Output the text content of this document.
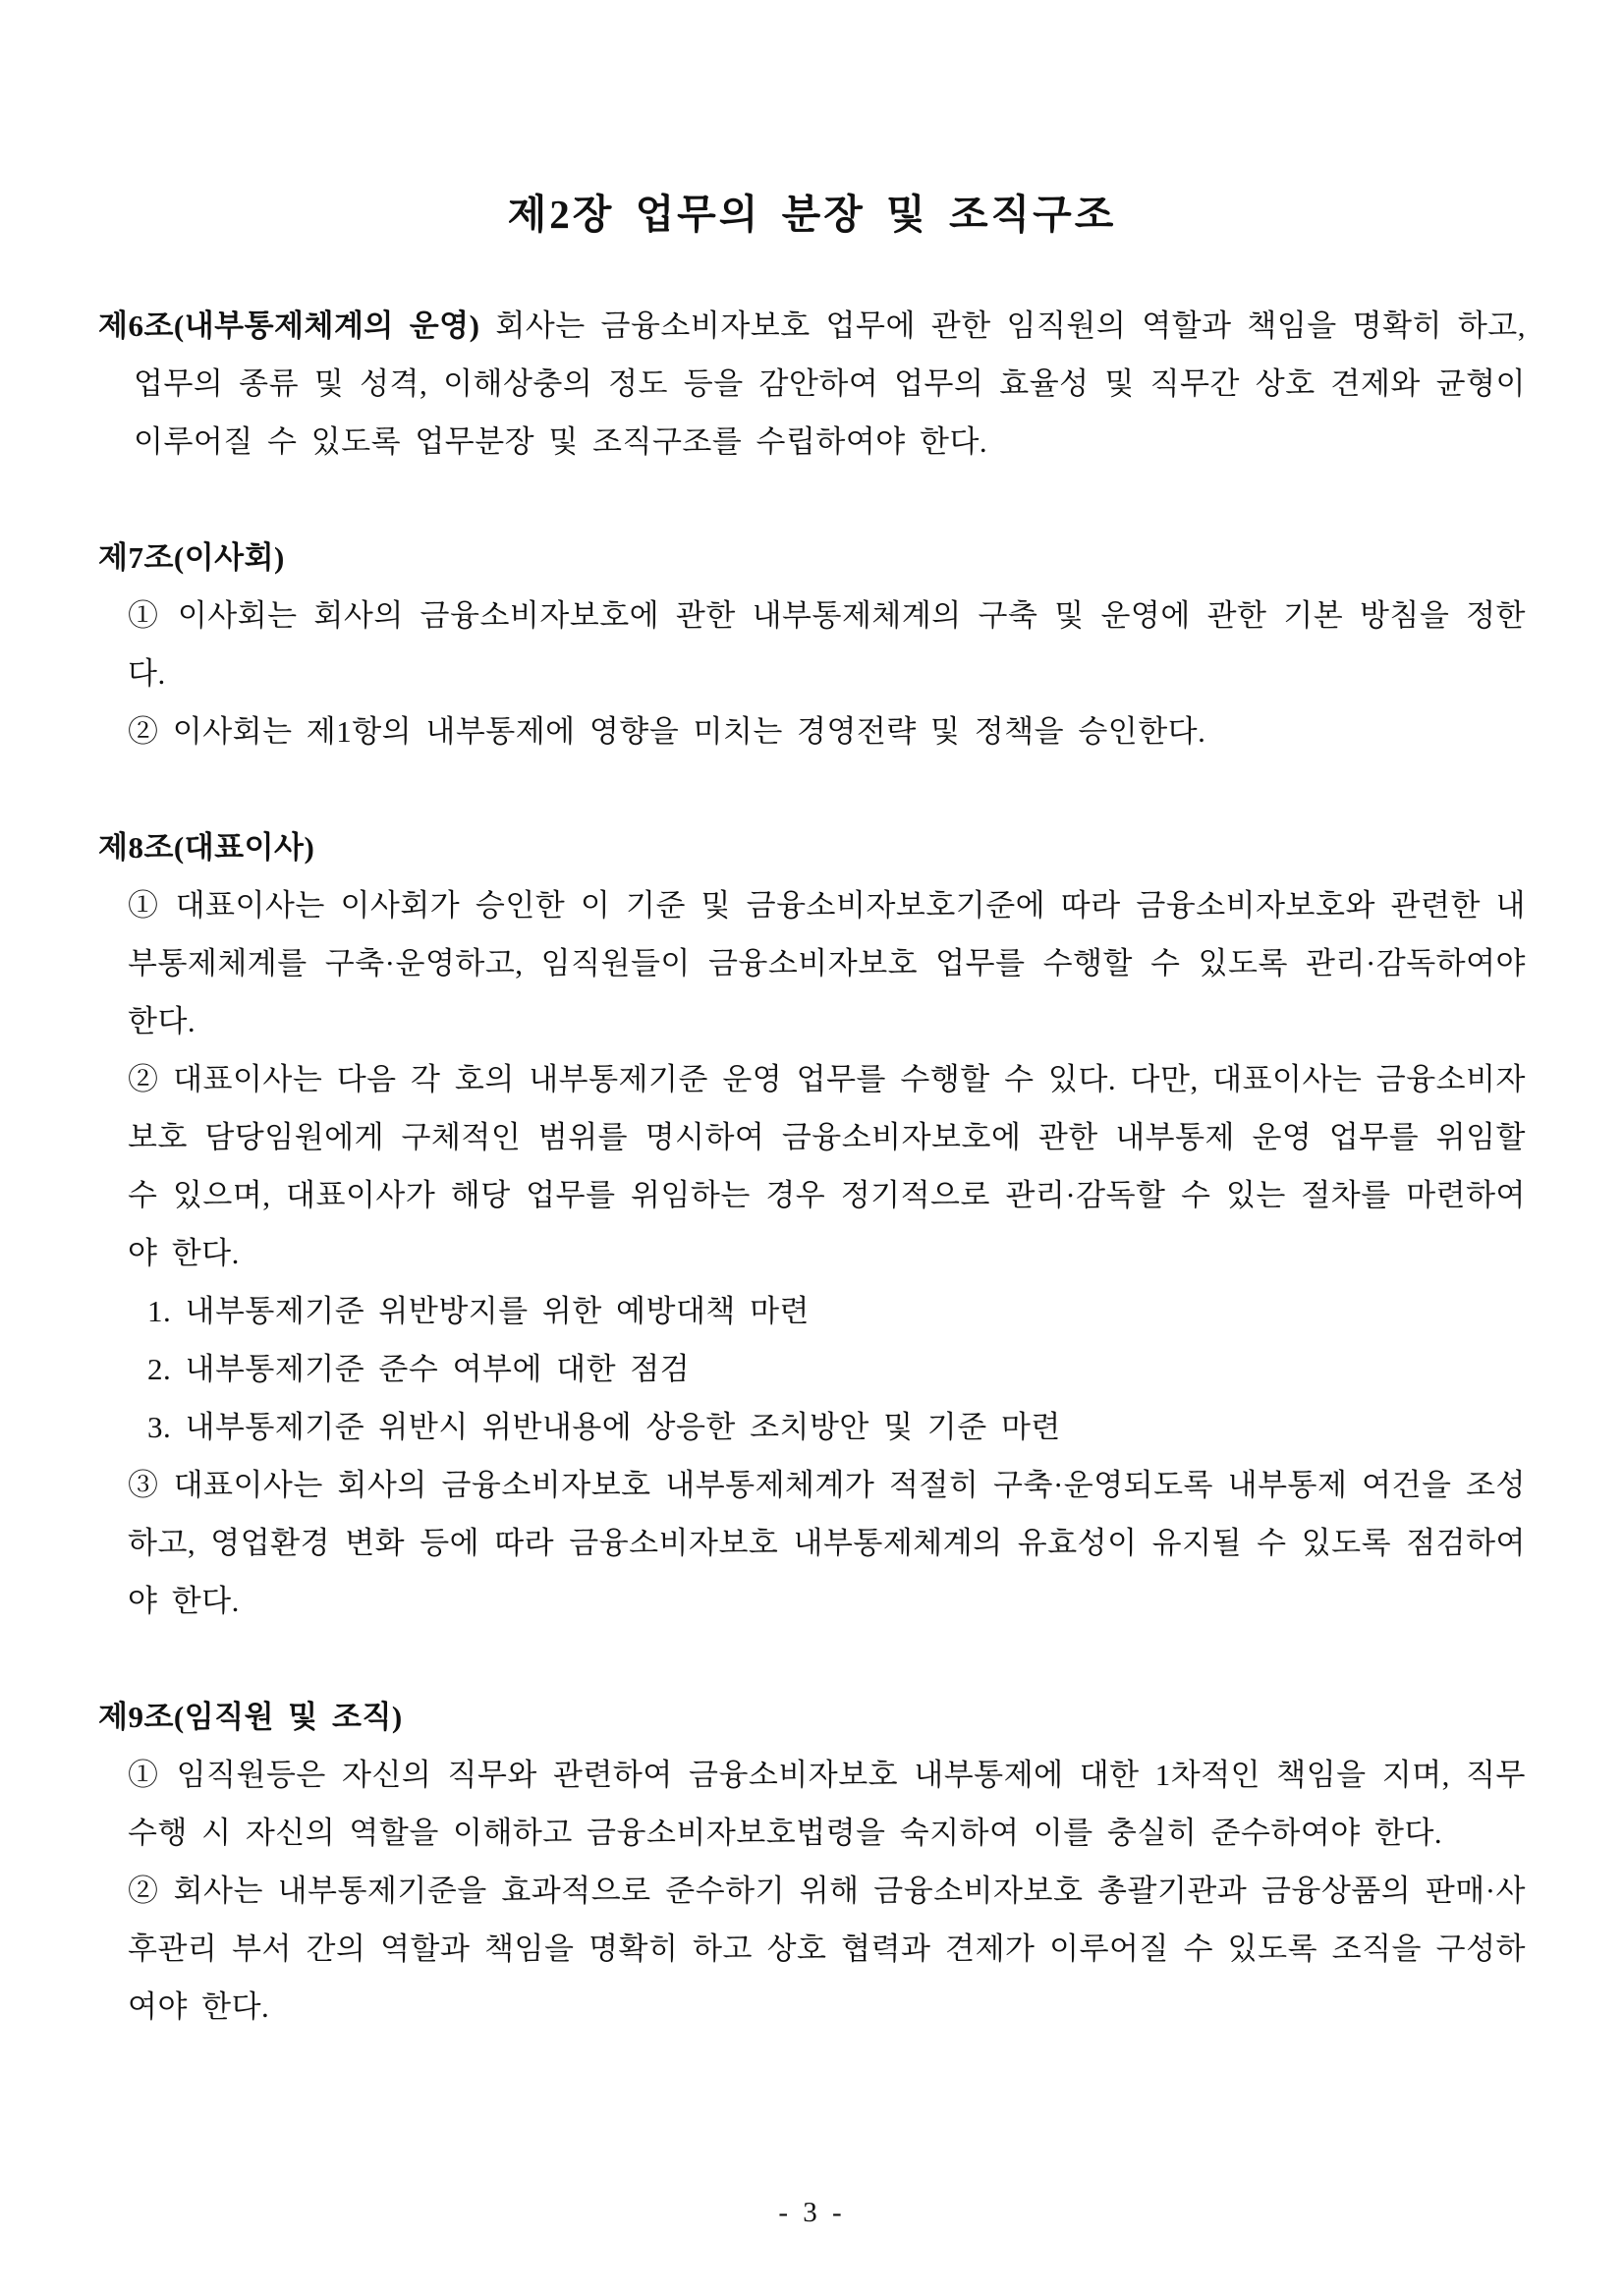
제2장 업무의 분장 및 조직구조

제6조(내부통제체계의 운영) 회사는 금융소비자보호 업무에 관한 임직원의 역할과 책임을 명확히 하고, 업무의 종류 및 성격, 이해상충의 정도 등을 감안하여 업무의 효율성 및 직무간 상호 견제와 균형이 이루어질 수 있도록 업무분장 및 조직구조를 수립하여야 한다.

제7조(이사회)

① 이사회는 회사의 금융소비자보호에 관한 내부통제체계의 구축 및 운영에 관한 기본 방침을 정한다.

② 이사회는 제1항의 내부통제에 영향을 미치는 경영전략 및 정책을 승인한다.

제8조(대표이사)

① 대표이사는 이사회가 승인한 이 기준 및 금융소비자보호기준에 따라 금융소비자보호와 관련한 내부통제체계를 구축·운영하고, 임직원들이 금융소비자보호 업무를 수행할 수 있도록 관리·감독하여야 한다.

② 대표이사는 다음 각 호의 내부통제기준 운영 업무를 수행할 수 있다. 다만, 대표이사는 금융소비자보호 담당임원에게 구체적인 범위를 명시하여 금융소비자보호에 관한 내부통제 운영 업무를 위임할 수 있으며, 대표이사가 해당 업무를 위임하는 경우 정기적으로 관리·감독할 수 있는 절차를 마련하여야 한다.

1. 내부통제기준 위반방지를 위한 예방대책 마련

2. 내부통제기준 준수 여부에 대한 점검

3. 내부통제기준 위반시 위반내용에 상응한 조치방안 및 기준 마련

③ 대표이사는 회사의 금융소비자보호 내부통제체계가 적절히 구축·운영되도록 내부통제 여건을 조성하고, 영업환경 변화 등에 따라 금융소비자보호 내부통제체계의 유효성이 유지될 수 있도록 점검하여야 한다.

제9조(임직원 및 조직)

① 임직원등은 자신의 직무와 관련하여 금융소비자보호 내부통제에 대한 1차적인 책임을 지며, 직무수행 시 자신의 역할을 이해하고 금융소비자보호법령을 숙지하여 이를 충실히 준수하여야 한다.

② 회사는 내부통제기준을 효과적으로 준수하기 위해 금융소비자보호 총괄기관과 금융상품의 판매·사후관리 부서 간의 역할과 책임을 명확히 하고 상호 협력과 견제가 이루어질 수 있도록 조직을 구성하여야 한다.

- 3 -
